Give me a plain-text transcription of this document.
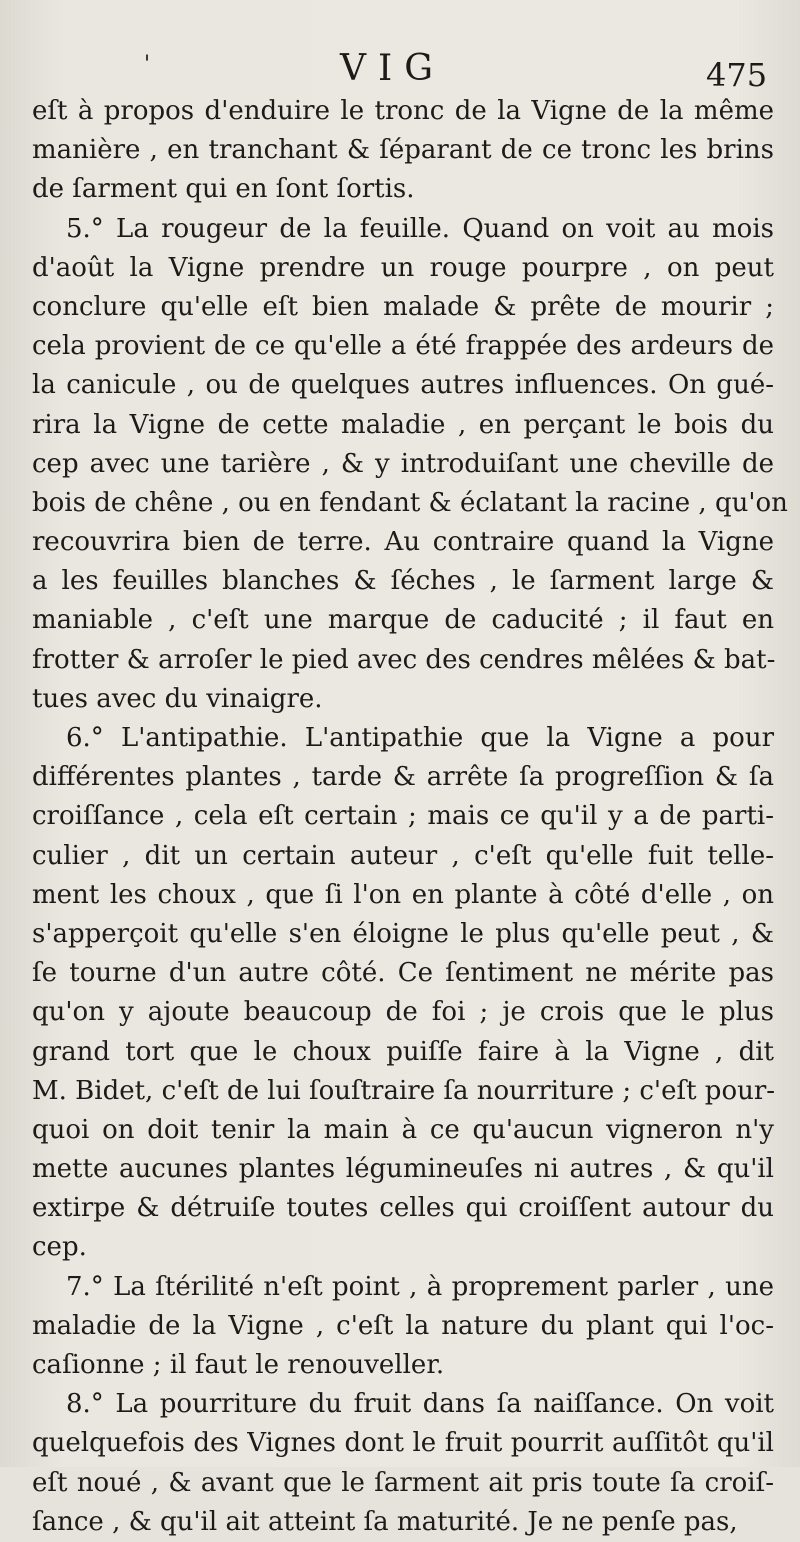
'	VIG	475
eſt à propos d'enduire le tronc de la Vigne de la même
manière , en tranchant & ſéparant de ce tronc les brins
de ſarment qui en ſont ſortis.
5.° La rougeur de la feuille. Quand on voit au mois
d'août la Vigne prendre un rouge pourpre , on peut
conclure qu'elle eſt bien malade & prête de mourir ;
cela provient de ce qu'elle a été frappée des ardeurs de
la canicule , ou de quelques autres influences. On gué-
rira la Vigne de cette maladie , en perçant le bois du
cep avec une tarière , & y introduiſant une cheville de
bois de chêne , ou en fendant & éclatant la racine , qu'on
recouvrira bien de terre. Au contraire quand la Vigne
a les feuilles blanches & ſéches , le ſarment large &
maniable , c'eſt une marque de caducité ; il faut en
frotter & arroſer le pied avec des cendres mêlées & bat-
tues avec du vinaigre.
6.° L'antipathie. L'antipathie que la Vigne a pour
différentes plantes , tarde & arrête ſa progreſſion & ſa
croiſſance , cela eſt certain ; mais ce qu'il y a de parti-
culier , dit un certain auteur , c'eſt qu'elle fuit telle-
ment les choux , que ſi l'on en plante à côté d'elle , on
s'apperçoit qu'elle s'en éloigne le plus qu'elle peut , &
ſe tourne d'un autre côté. Ce ſentiment ne mérite pas
qu'on y ajoute beaucoup de foi ; je crois que le plus
grand tort que le choux puiſſe faire à la Vigne , dit
M. Bidet, c'eſt de lui ſouſtraire ſa nourriture ; c'eſt pour-
quoi on doit tenir la main à ce qu'aucun vigneron n'y
mette aucunes plantes légumineuſes ni autres , & qu'il
extirpe & détruiſe toutes celles qui croiſſent autour du
cep.
7.° La ſtérilité n'eſt point , à proprement parler , une
maladie de la Vigne , c'eſt la nature du plant qui l'oc-
caſionne ; il faut le renouveller.
8.° La pourriture du fruit dans ſa naiſſance. On voit
quelquefois des Vignes dont le fruit pourrit auſſitôt qu'il
eſt noué , & avant que le ſarment ait pris toute ſa croiſ-
ſance , & qu'il ait atteint ſa maturité. Je ne penſe pas,
